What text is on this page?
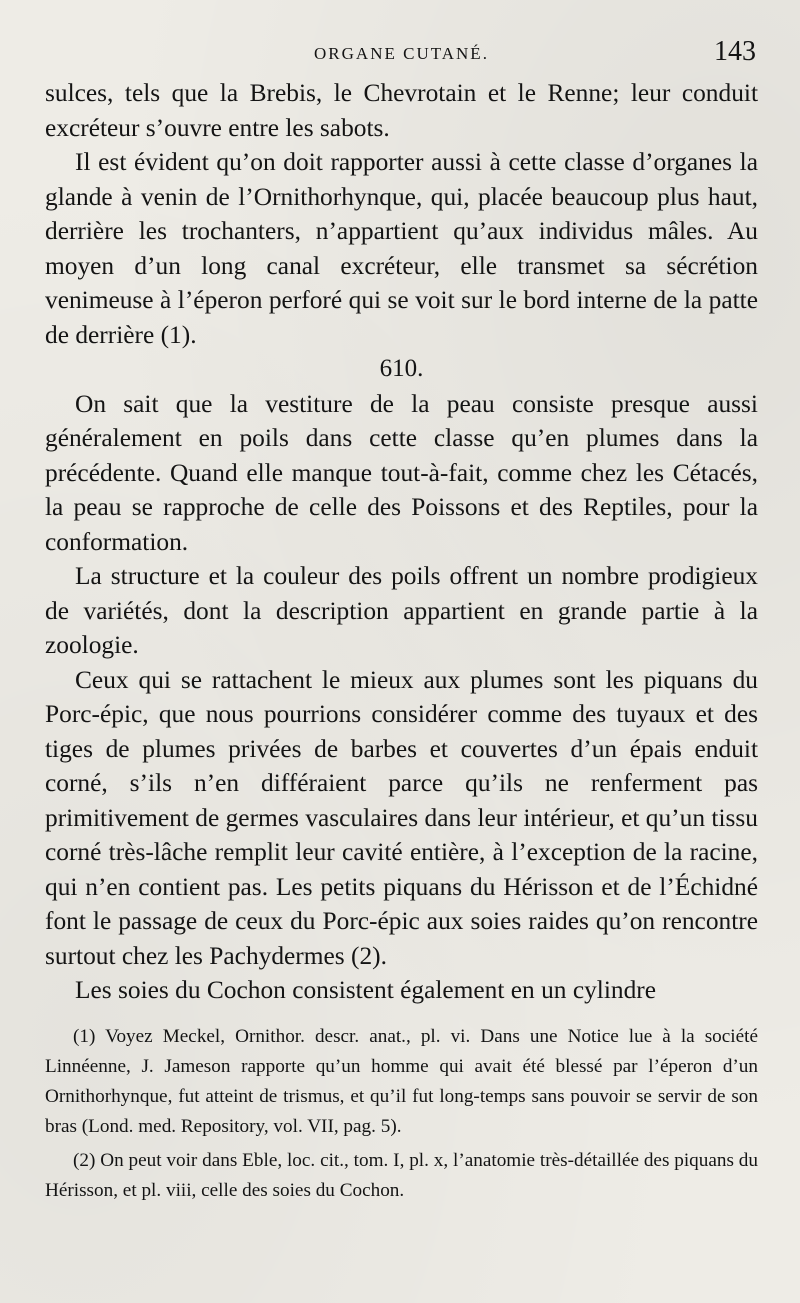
ORGANE CUTANÉ.	143

sulces, tels que la Brebis, le Chevrotain et le Renne; leur conduit excréteur s’ouvre entre les sabots.

Il est évident qu’on doit rapporter aussi à cette classe d’organes la glande à venin de l’Ornithorhynque, qui, placée beaucoup plus haut, derrière les trochanters, n’appartient qu’aux individus mâles. Au moyen d’un long canal excréteur, elle transmet sa sécrétion venimeuse à l’éperon perforé qui se voit sur le bord interne de la patte de derrière (1).

610.

On sait que la vestiture de la peau consiste presque aussi généralement en poils dans cette classe qu’en plumes dans la précédente. Quand elle manque tout-à-fait, comme chez les Cétacés, la peau se rapproche de celle des Poissons et des Reptiles, pour la conformation.

La structure et la couleur des poils offrent un nombre prodigieux de variétés, dont la description appartient en grande partie à la zoologie.

Ceux qui se rattachent le mieux aux plumes sont les piquans du Porc-épic, que nous pourrions considérer comme des tuyaux et des tiges de plumes privées de barbes et couvertes d’un épais enduit corné, s’ils n’en différaient parce qu’ils ne renferment pas primitivement de germes vasculaires dans leur intérieur, et qu’un tissu corné très-lâche remplit leur cavité entière, à l’exception de la racine, qui n’en contient pas. Les petits piquans du Hérisson et de l’Échidné font le passage de ceux du Porc-épic aux soies raides qu’on rencontre surtout chez les Pachydermes (2).

Les soies du Cochon consistent également en un cylindre

(1) Voyez Meckel, Ornithor. descr. anat., pl. vi. Dans une Notice lue à la société Linnéenne, J. Jameson rapporte qu’un homme qui avait été blessé par l’éperon d’un Ornithorhynque, fut atteint de trismus, et qu’il fut long-temps sans pouvoir se servir de son bras (Lond. med. Repository, vol. VII, pag. 5).

(2) On peut voir dans Eble, loc. cit., tom. I, pl. x, l’anatomie très-détaillée des piquans du Hérisson, et pl. viii, celle des soies du Cochon.
